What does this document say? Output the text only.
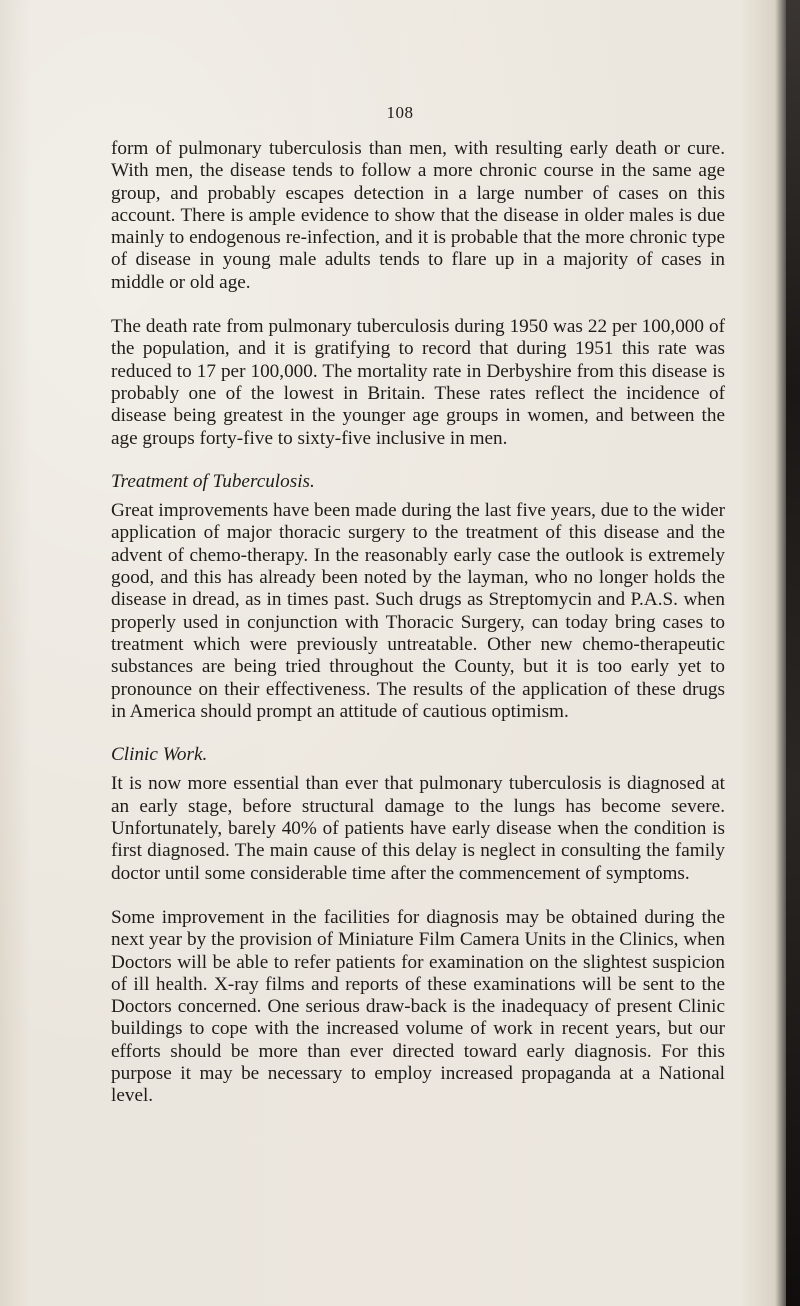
108

form of pulmonary tuberculosis than men, with resulting early death or cure. With men, the disease tends to follow a more chronic course in the same age group, and probably escapes detection in a large number of cases on this account. There is ample evidence to show that the disease in older males is due mainly to endogenous re-infection, and it is probable that the more chronic type of disease in young male adults tends to flare up in a majority of cases in middle or old age.

The death rate from pulmonary tuberculosis during 1950 was 22 per 100,000 of the population, and it is gratifying to record that during 1951 this rate was reduced to 17 per 100,000. The mortality rate in Derbyshire from this disease is probably one of the lowest in Britain. These rates reflect the incidence of disease being greatest in the younger age groups in women, and between the age groups forty-five to sixty-five inclusive in men.

Treatment of Tuberculosis.

Great improvements have been made during the last five years, due to the wider application of major thoracic surgery to the treatment of this disease and the advent of chemo-therapy. In the reasonably early case the outlook is extremely good, and this has already been noted by the layman, who no longer holds the disease in dread, as in times past. Such drugs as Streptomycin and P.A.S. when properly used in conjunction with Thoracic Surgery, can today bring cases to treatment which were previously untreatable. Other new chemo-therapeutic substances are being tried throughout the County, but it is too early yet to pronounce on their effectiveness. The results of the application of these drugs in America should prompt an attitude of cautious optimism.

Clinic Work.

It is now more essential than ever that pulmonary tuberculosis is diagnosed at an early stage, before structural damage to the lungs has become severe. Unfortunately, barely 40% of patients have early disease when the condition is first diagnosed. The main cause of this delay is neglect in consulting the family doctor until some considerable time after the commencement of symptoms.

Some improvement in the facilities for diagnosis may be obtained during the next year by the provision of Miniature Film Camera Units in the Clinics, when Doctors will be able to refer patients for examination on the slightest suspicion of ill health. X-ray films and reports of these examinations will be sent to the Doctors concerned. One serious draw-back is the inadequacy of present Clinic buildings to cope with the increased volume of work in recent years, but our efforts should be more than ever directed toward early diagnosis. For this purpose it may be necessary to employ increased propaganda at a National level.
